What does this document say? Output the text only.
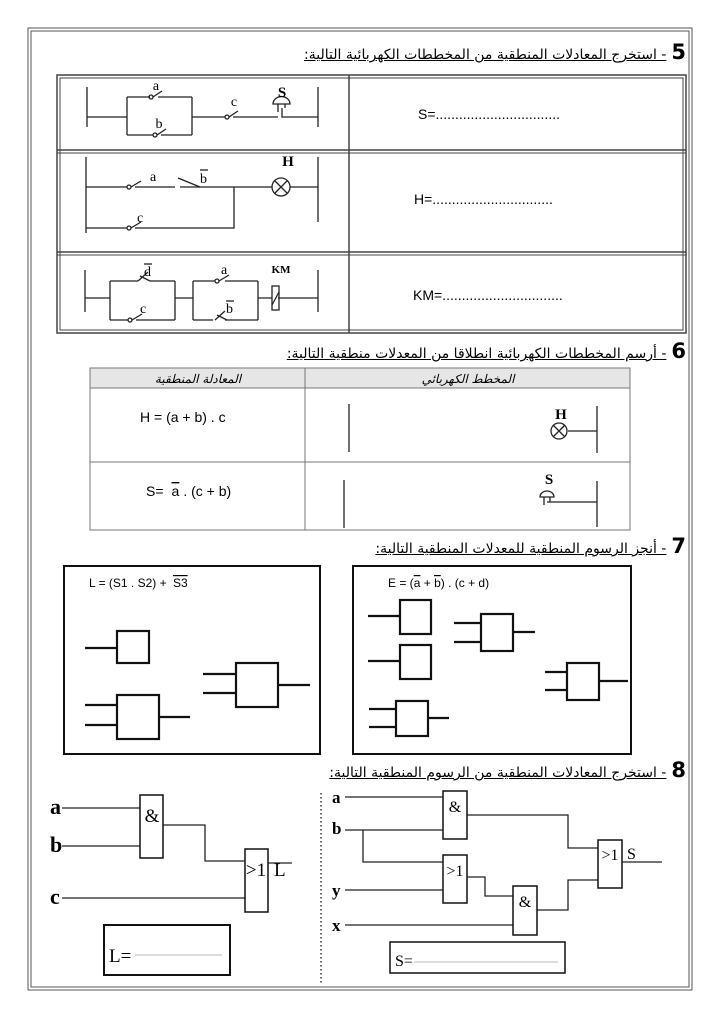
a
b
c
S
S=................................
a	b
c
H
H=...............................
d
c
a
b
KM
KM=...............................
المعادلة المنطقية	المخطط الكهربائي
H = (a + b) . c
S= a . (c + b)
H
S
L = (S1 . S2) + S3	E = (a + b) . (c + d)
a
b
c
&
>1 L
L=
a
b
y
x
&
>1
&
>1 S
S=
5
- استخرج المعادلات المنطقية من المخططات الكهربائية التالية:
6
- أرسم المخططات الكهربائية انطلاقا من المعدلات منطقية التالية:
7
- أنجز الرسوم المنطقية للمعدلات المنطقية التالية:
8
- استخرج المعادلات المنطقية من الرسوم المنطقية التالية:
